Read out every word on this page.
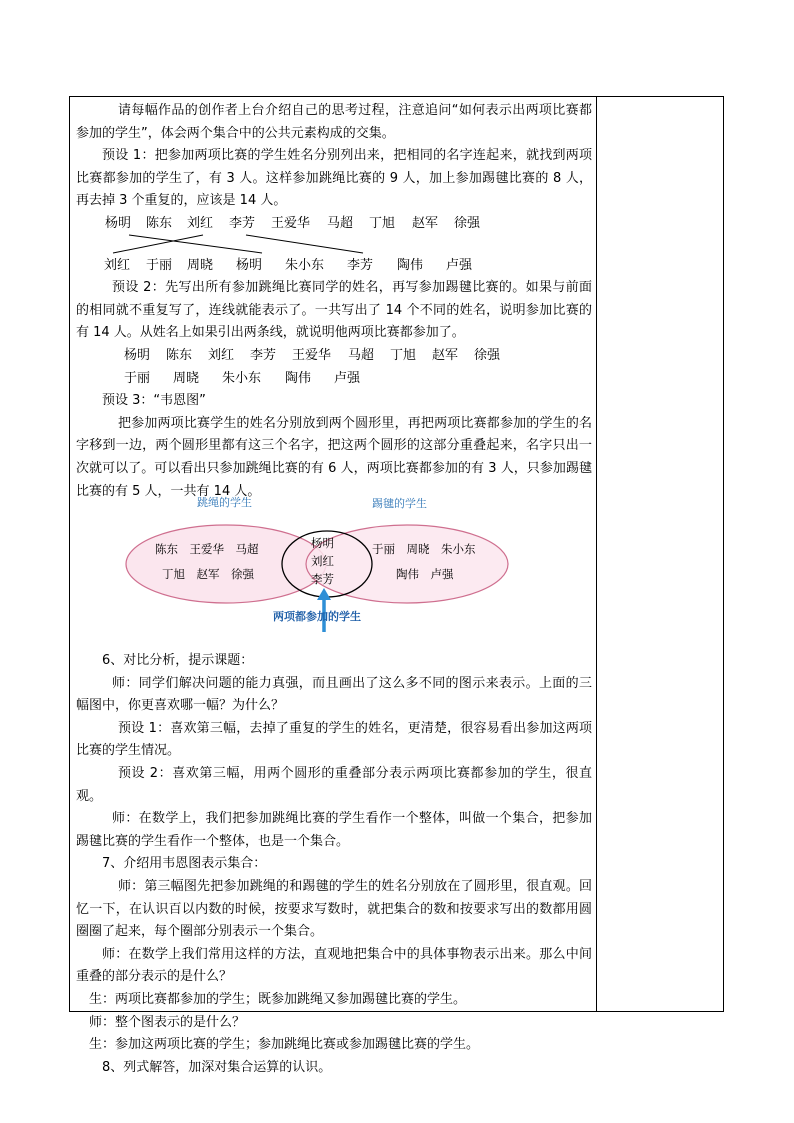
请每幅作品的创作者上台介绍自己的思考过程，注意追问“如何表示出两项比赛都参加的学生”，体会两个集合中的公共元素构成的交集。

预设 1：把参加两项比赛的学生姓名分别列出来，把相同的名字连起来，就找到两项比赛都参加的学生了，有 3 人。这样参加跳绳比赛的 9 人，加上参加踢毽比赛的 8 人，再去掉 3 个重复的，应该是 14 人。

杨明 陈东 刘红 李芳 王爱华 马超 丁旭 赵军 徐强
刘红 于丽 周晓 杨明 朱小东 李芳 陶伟 卢强

预设 2：先写出所有参加跳绳比赛同学的姓名，再写参加踢毽比赛的。如果与前面的相同就不重复写了，连线就能表示了。一共写出了 14 个不同的姓名，说明参加比赛的有 14 人。从姓名上如果引出两条线，就说明他两项比赛都参加了。

杨明 陈东 刘红 李芳 王爱华 马超 丁旭 赵军 徐强
于丽 周晓 朱小东 陶伟 卢强

预设 3：“韦恩图”

把参加两项比赛学生的姓名分别放到两个圆形里，再把两项比赛都参加的学生的名字移到一边，两个圆形里都有这三个名字，把这两个圆形的这部分重叠起来，名字只出一次就可以了。可以看出只参加跳绳比赛的有 6 人，两项比赛都参加的有 3 人，只参加踢毽比赛的有 5 人，一共有 14 人。

跳绳的学生	踢毽的学生
陈东　王爱华　马超
丁旭　赵军　徐强
杨明
刘红
李芳
于丽　周晓　朱小东
陶伟　卢强
两项都参加的学生

6、对比分析，提示课题：

师：同学们解决问题的能力真强，而且画出了这么多不同的图示来表示。上面的三幅图中，你更喜欢哪一幅？为什么？

预设 1：喜欢第三幅，去掉了重复的学生的姓名，更清楚，很容易看出参加这两项比赛的学生情况。

预设 2：喜欢第三幅，用两个圆形的重叠部分表示两项比赛都参加的学生，很直观。

师：在数学上，我们把参加跳绳比赛的学生看作一个整体，叫做一个集合，把参加踢毽比赛的学生看作一个整体，也是一个集合。

7、介绍用韦恩图表示集合：

师：第三幅图先把参加跳绳的和踢毽的学生的姓名分别放在了圆形里，很直观。回忆一下，在认识百以内数的时候，按要求写数时，就把集合的数和按要求写出的数都用圆圈圈了起来，每个圈部分别表示一个集合。

师：在数学上我们常用这样的方法，直观地把集合中的具体事物表示出来。那么中间重叠的部分表示的是什么？

生：两项比赛都参加的学生；既参加跳绳又参加踢毽比赛的学生。

师：整个图表示的是什么？

生：参加这两项比赛的学生；参加跳绳比赛或参加踢毽比赛的学生。

8、列式解答，加深对集合运算的认识。
